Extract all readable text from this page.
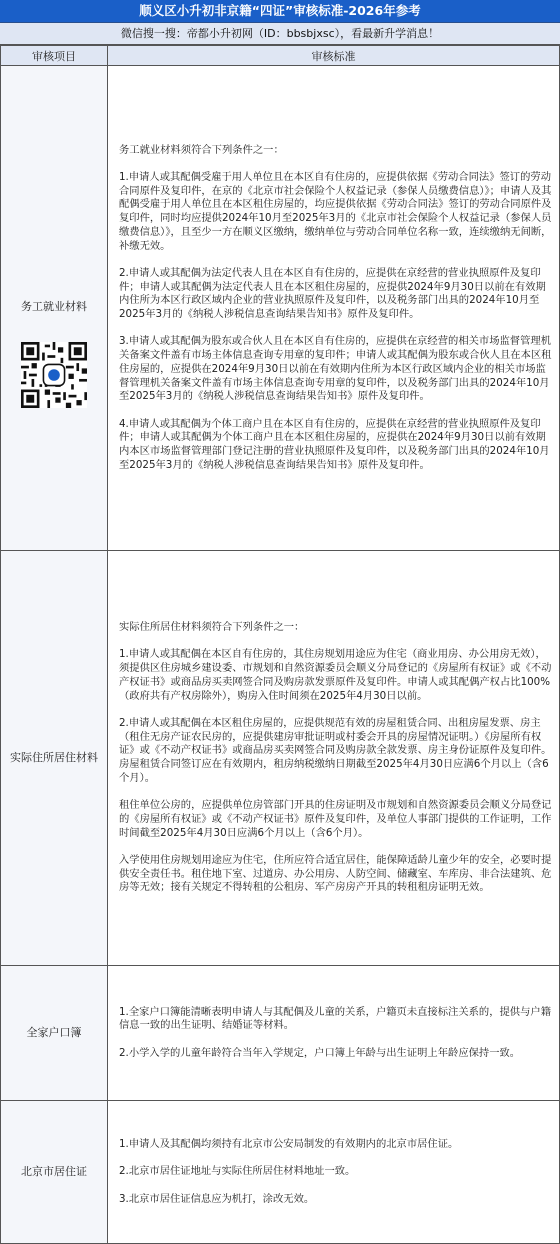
顺义区小升初非京籍“四证”审核标准-2026年参考
微信搜一搜：帝都小升初网（ID：bbsbjxsc），看最新升学消息！
审核项目	审核标准

务工就业材料	务工就业材料须符合下列条件之一：

1.申请人或其配偶受雇于用人单位且在本区自有住房的，应提供依据《劳动合同法》签订的劳动合同原件及复印件，在京的《北京市社会保险个人权益记录（参保人员缴费信息）》；申请人及其配偶受雇于用人单位且在本区租住房屋的，均应提供依据《劳动合同法》签订的劳动合同原件及复印件，同时均应提供2024年10月至2025年3月的《北京市社会保险个人权益记录（参保人员缴费信息）》，且至少一方在顺义区缴纳，缴纳单位与劳动合同单位名称一致，连续缴纳无间断，补缴无效。

2.申请人或其配偶为法定代表人且在本区自有住房的，应提供在京经营的营业执照原件及复印件；申请人或其配偶为法定代表人且在本区租住房屋的，应提供2024年9月30日以前在有效期内住所为本区行政区域内企业的营业执照原件及复印件，以及税务部门出具的2024年10月至2025年3月的《纳税人涉税信息查询结果告知书》原件及复印件。

3.申请人或其配偶为股东或合伙人且在本区自有住房的，应提供在京经营的相关市场监督管理机关备案文件盖有市场主体信息查询专用章的复印件；申请人或其配偶为股东或合伙人且在本区租住房屋的，应提供在2024年9月30日以前在有效期内住所为本区行政区域内企业的相关市场监督管理机关备案文件盖有市场主体信息查询专用章的复印件，以及税务部门出具的2024年10月至2025年3月的《纳税人涉税信息查询结果告知书》原件及复印件。

4.申请人或其配偶为个体工商户且在本区自有住房的，应提供在京经营的营业执照原件及复印件；申请人或其配偶为个体工商户且在本区租住房屋的，应提供在2024年9月30日以前有效期内本区市场监督管理部门登记注册的营业执照原件及复印件，以及税务部门出具的2024年10月至2025年3月的《纳税人涉税信息查询结果告知书》原件及复印件。

实际住所居住材料	实际住所居住材料须符合下列条件之一：

1.申请人或其配偶在本区自有住房的，其住房规划用途应为住宅（商业用房、办公用房无效），须提供区住房城乡建设委、市规划和自然资源委员会顺义分局登记的《房屋所有权证》或《不动产权证书》或商品房买卖网签合同及购房款发票原件及复印件。申请人或其配偶产权占比100%（政府共有产权房除外），购房入住时间须在2025年4月30日以前。

2.申请人或其配偶在本区租住房屋的，应提供规范有效的房屋租赁合同、出租房屋发票、房主（租住无房产证农民房的，应提供建房审批证明或村委会开具的房屋情况证明。）《房屋所有权证》或《不动产权证书》或商品房买卖网签合同及购房款全款发票、房主身份证原件及复印件。房屋租赁合同签订应在有效期内，租房纳税缴纳日期截至2025年4月30日应满6个月以上（含6个月）。

租住单位公房的，应提供单位房管部门开具的住房证明及市规划和自然资源委员会顺义分局登记的《房屋所有权证》或《不动产权证书》原件及复印件，及单位人事部门提供的工作证明，工作时间截至2025年4月30日应满6个月以上（含6个月）。

入学使用住房规划用途应为住宅，住所应符合适宜居住，能保障适龄儿童少年的安全，必要时提供安全责任书。租住地下室、过道房、办公用房、人防空间、储藏室、车库房、非合法建筑、危房等无效；接有关规定不得转租的公租房、军产房房产开具的转租租房证明无效。

全家户口簿	1.全家户口簿能清晰表明申请人与其配偶及儿童的关系，户籍页未直接标注关系的，提供与户籍信息一致的出生证明、结婚证等材料。

2.小学入学的儿童年龄符合当年入学规定，户口簿上年龄与出生证明上年龄应保持一致。

北京市居住证	1.申请人及其配偶均须持有北京市公安局制发的有效期内的北京市居住证。

2.北京市居住证地址与实际住所居住材料地址一致。

3.北京市居住证信息应为机打，涂改无效。
